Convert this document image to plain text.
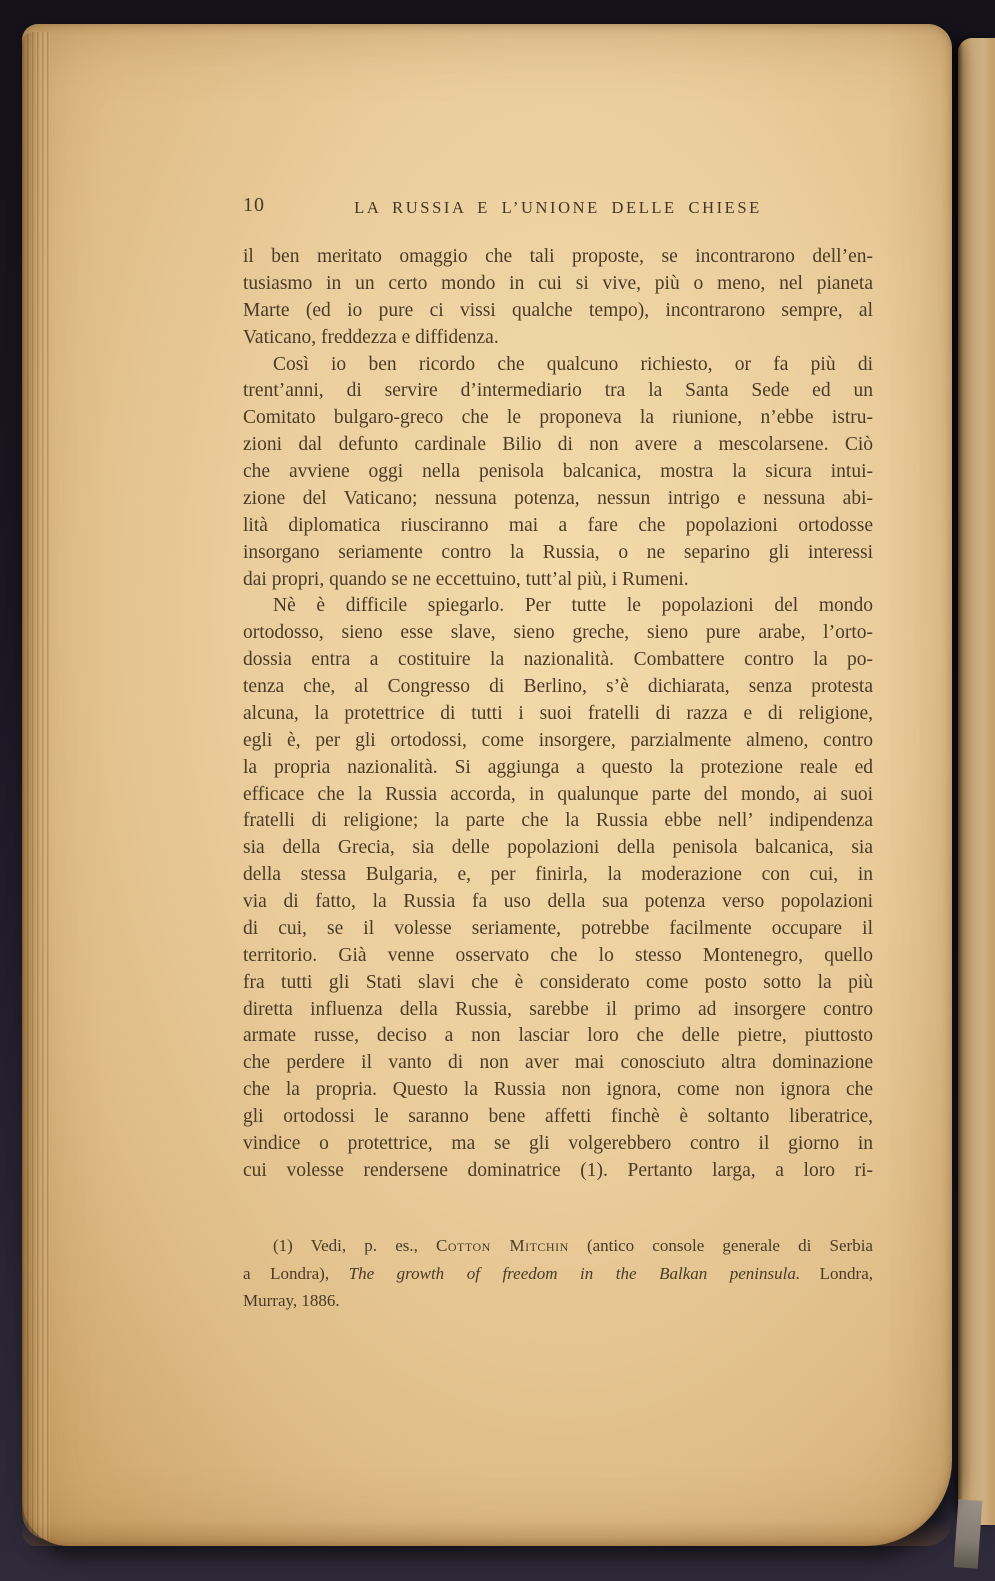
10	LA RUSSIA E L’UNIONE DELLE CHIESE
il ben meritato omaggio che tali proposte, se incontrarono dell’en-
tusiasmo in un certo mondo in cui si vive, più o meno, nel pianeta
Marte (ed io pure ci vissi qualche tempo), incontrarono sempre, al
Vaticano, freddezza e diffidenza.
Così io ben ricordo che qualcuno richiesto, or fa più di
trent’anni, di servire d’intermediario tra la Santa Sede ed un
Comitato bulgaro-greco che le proponeva la riunione, n’ebbe istru-
zioni dal defunto cardinale Bilio di non avere a mescolarsene. Ciò
che avviene oggi nella penisola balcanica, mostra la sicura intui-
zione del Vaticano; nessuna potenza, nessun intrigo e nessuna abi-
lità diplomatica riusciranno mai a fare che popolazioni ortodosse
insorgano seriamente contro la Russia, o ne separino gli interessi
dai propri, quando se ne eccettuino, tutt’al più, i Rumeni.
Nè è difficile spiegarlo. Per tutte le popolazioni del mondo
ortodosso, sieno esse slave, sieno greche, sieno pure arabe, l’orto-
dossia entra a costituire la nazionalità. Combattere contro la po-
tenza che, al Congresso di Berlino, s’è dichiarata, senza protesta
alcuna, la protettrice di tutti i suoi fratelli di razza e di religione,
egli è, per gli ortodossi, come insorgere, parzialmente almeno, contro
la propria nazionalità. Si aggiunga a questo la protezione reale ed
efficace che la Russia accorda, in qualunque parte del mondo, ai suoi
fratelli di religione; la parte che la Russia ebbe nell’ indipendenza
sia della Grecia, sia delle popolazioni della penisola balcanica, sia
della stessa Bulgaria, e, per finirla, la moderazione con cui, in
via di fatto, la Russia fa uso della sua potenza verso popolazioni
di cui, se il volesse seriamente, potrebbe facilmente occupare il
territorio. Già venne osservato che lo stesso Montenegro, quello
fra tutti gli Stati slavi che è considerato come posto sotto la più
diretta influenza della Russia, sarebbe il primo ad insorgere contro
armate russe, deciso a non lasciar loro che delle pietre, piuttosto
che perdere il vanto di non aver mai conosciuto altra dominazione
che la propria. Questo la Russia non ignora, come non ignora che
gli ortodossi le saranno bene affetti finchè è soltanto liberatrice,
vindice o protettrice, ma se gli volgerebbero contro il giorno in
cui volesse rendersene dominatrice (1). Pertanto larga, a loro ri-
(1) Vedi, p. es., Cotton Mitchin (antico console generale di Serbia
a Londra), The growth of freedom in the Balkan peninsula. Londra,
Murray, 1886.
